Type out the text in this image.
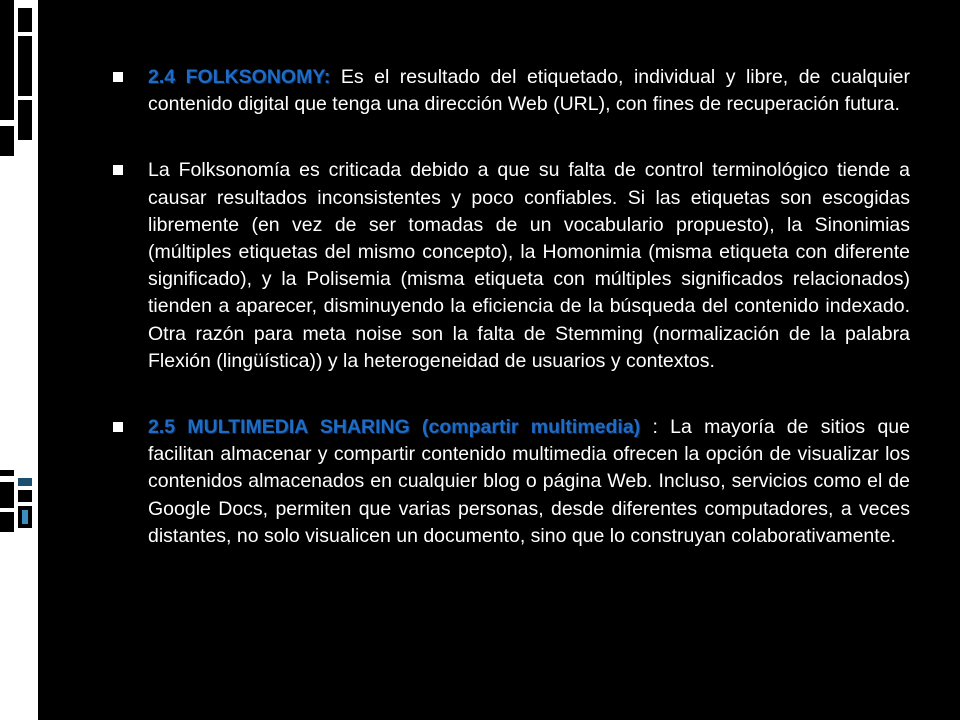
2.4 FOLKSONOMY: Es el resultado del etiquetado, individual y libre, de cualquier contenido digital que tenga una dirección Web (URL), con fines de recuperación futura.
La Folksonomía es criticada debido a que su falta de control terminológico tiende a causar resultados inconsistentes y poco confiables. Si las etiquetas son escogidas libremente (en vez de ser tomadas de un vocabulario propuesto), la Sinonimias (múltiples etiquetas del mismo concepto), la Homonimia (misma etiqueta con diferente significado), y la Polisemia (misma etiqueta con múltiples significados relacionados) tienden a aparecer, disminuyendo la eficiencia de la búsqueda del contenido indexado. Otra razón para meta noise son la falta de Stemming (normalización de la palabra Flexión (lingüística)) y la heterogeneidad de usuarios y contextos.
2.5 MULTIMEDIA SHARING (compartir multimedia) : La mayoría de sitios que facilitan almacenar y compartir contenido multimedia ofrecen la opción de visualizar los contenidos almacenados en cualquier blog o página Web. Incluso, servicios como el de Google Docs, permiten que varias personas, desde diferentes computadores, a veces distantes, no solo visualicen un documento, sino que lo construyan colaborativamente.
